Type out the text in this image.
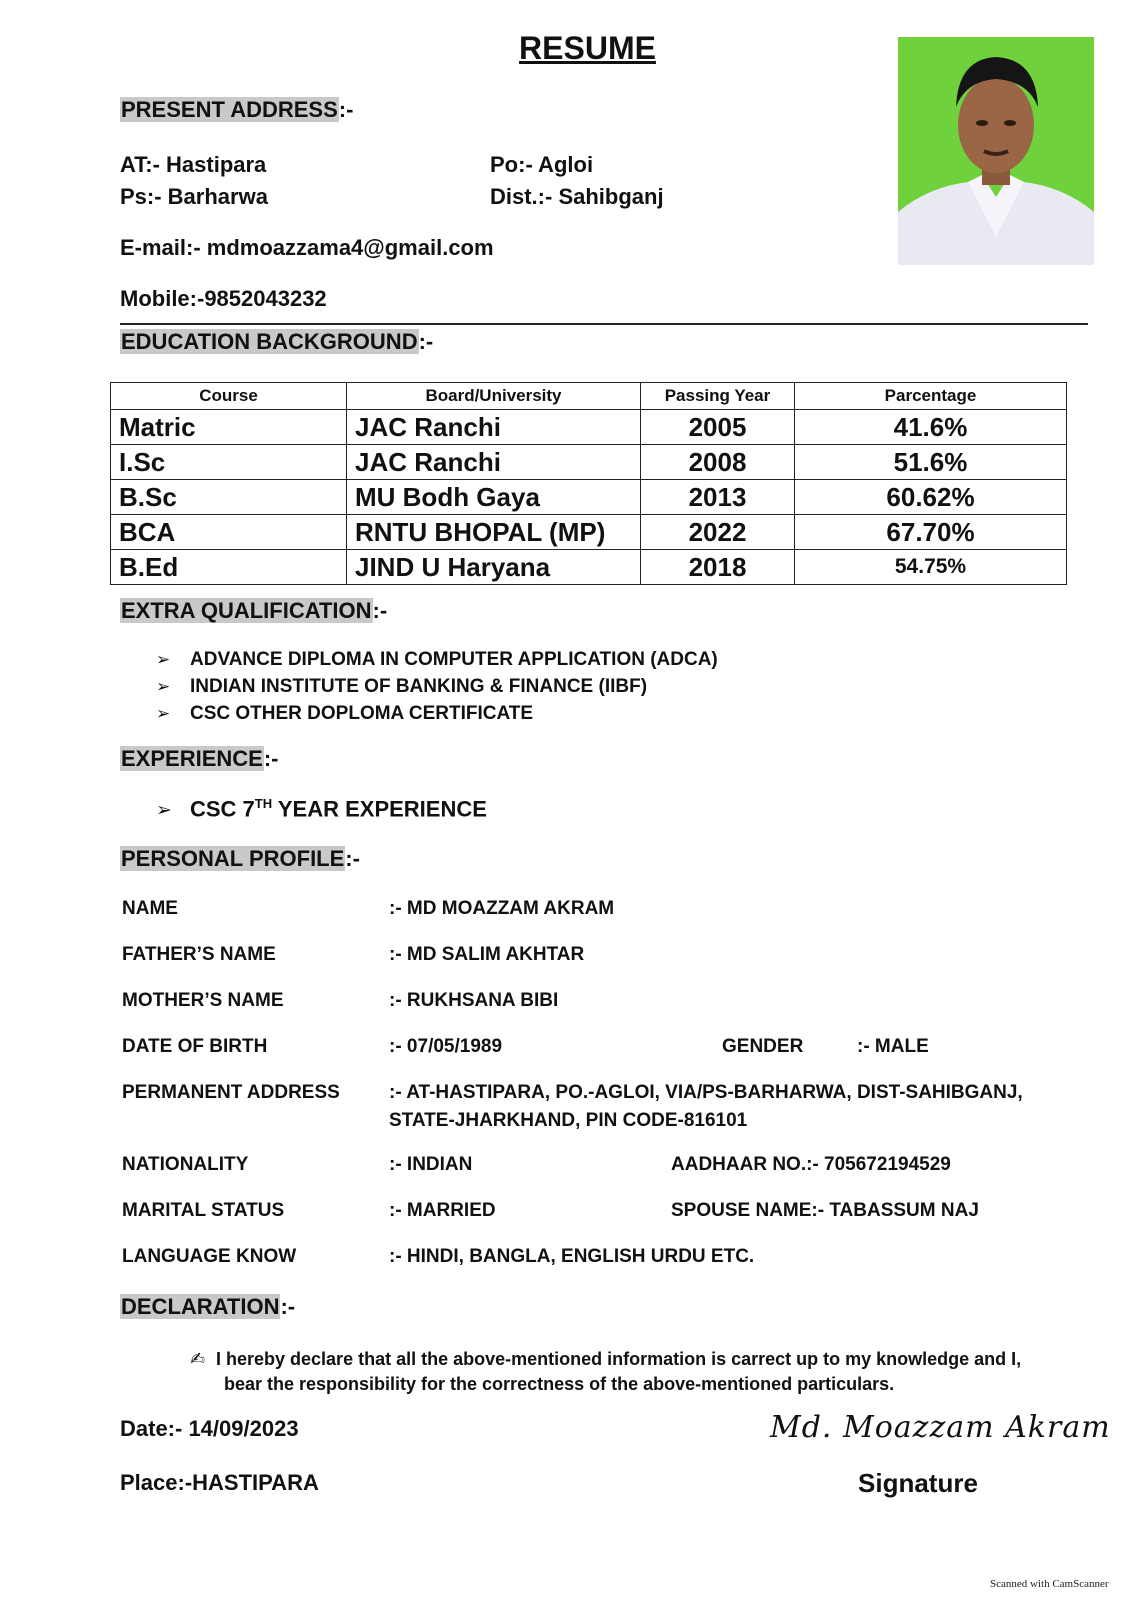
RESUME
PRESENT ADDRESS:-
AT:- Hastipara	Po:- Agloi
Ps:- Barharwa	Dist.:- Sahibganj
E-mail:- mdmoazzama4@gmail.com
Mobile:-9852043232
EDUCATION BACKGROUND:-
Course	Board/University	Passing Year	Parcentage
Matric	JAC Ranchi	2005	41.6%
I.Sc	JAC Ranchi	2008	51.6%
B.Sc	MU Bodh Gaya	2013	60.62%
BCA	RNTU BHOPAL (MP)	2022	67.70%
B.Ed	JIND U Haryana	2018	54.75%
EXTRA QUALIFICATION:-
➢	ADVANCE DIPLOMA IN COMPUTER APPLICATION (ADCA)
➢	INDIAN INSTITUTE OF BANKING & FINANCE (IIBF)
➢	CSC OTHER DOPLOMA CERTIFICATE
EXPERIENCE:-
➢ CSC 7TH YEAR EXPERIENCE
PERSONAL PROFILE:-
NAME	:- MD MOAZZAM AKRAM
FATHER’S NAME	:- MD SALIM AKHTAR
MOTHER’S NAME	:- RUKHSANA BIBI
DATE OF BIRTH	:- 07/05/1989	GENDER	:- MALE
PERMANENT ADDRESS	:- AT-HASTIPARA, PO.-AGLOI, VIA/PS-BARHARWA, DIST-SAHIBGANJ,
STATE-JHARKHAND, PIN CODE-816101
NATIONALITY	:- INDIAN	AADHAAR NO.:- 705672194529
MARITAL STATUS	:- MARRIED	SPOUSE NAME:- TABASSUM NAJ
LANGUAGE KNOW	:- HINDI, BANGLA, ENGLISH URDU ETC.
DECLARATION:-
✍ I hereby declare that all the above-mentioned information is carrect up to my knowledge and I,
bear the responsibility for the correctness of the above-mentioned particulars.
Date:- 14/09/2023
Place:-HASTIPARA
Md. Moazzam Akram
Signature
Scanned with CamScanner
